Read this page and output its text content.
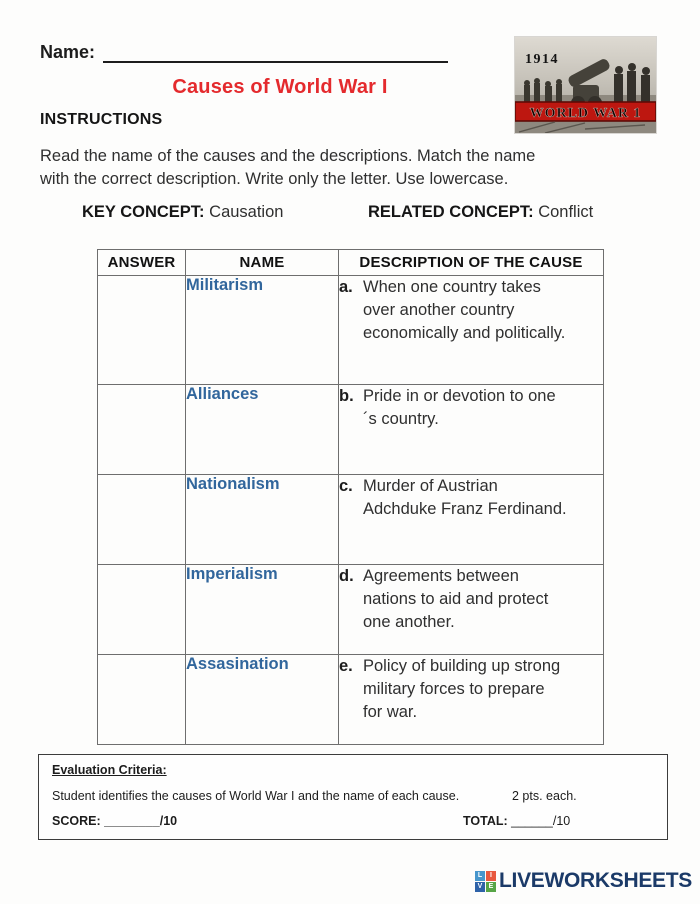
Name:
Causes of World War I
1914
WORLD WAR 1
INSTRUCTIONS
Read the name of the causes and the descriptions. Match the name
with the correct description. Write only the letter. Use lowercase.
KEY CONCEPT: Causation	RELATED CONCEPT: Conflict
ANSWER	NAME	DESCRIPTION OF THE CAUSE
	Militarism	a. When one country takes over another country economically and politically.

	Alliances	b. Pride in or devotion to one´s country.

	Nationalism	c. Murder of Austrian Adchduke Franz Ferdinand.

	Imperialism	d. Agreements between nations to aid and protect one another.

	Assasination	e. Policy of building up strong military forces to prepare for war.
Evaluation Criteria:
Student identifies the causes of World War I and the name of each cause.	2 pts. each.
SCORE: ________/10	TOTAL: ______/10
L	I
V E LIVEWORKSHEETS
